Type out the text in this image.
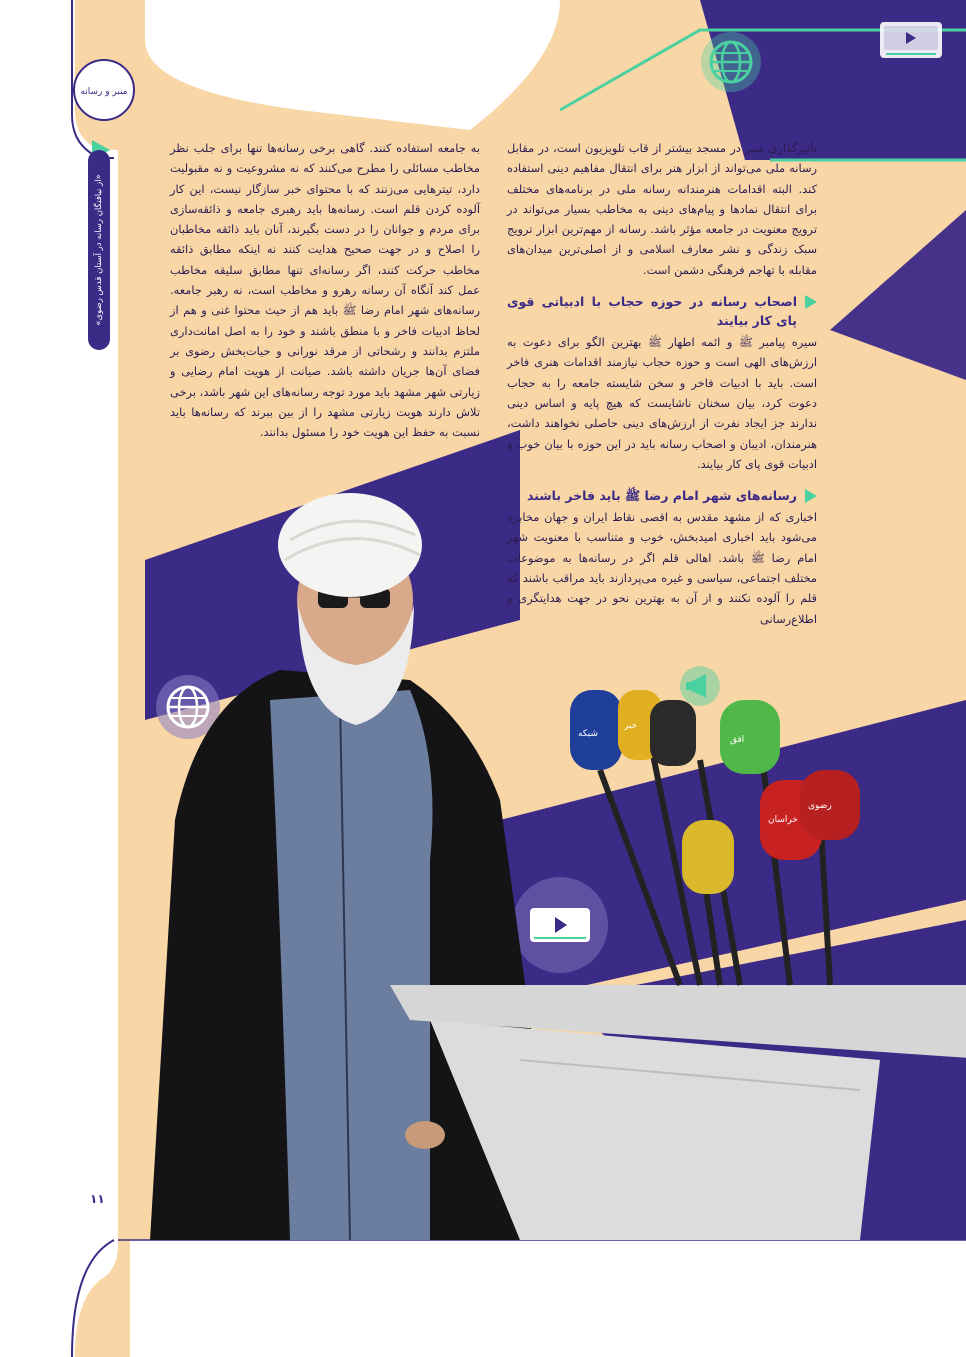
شبکه
خبر
افق
خراسان
رضوی
منبر و رسانه
«از نیافتگان رسانه در آستان قدس رضوی»

تأثیرگذاری منبر در مسجد بیشتر از قاب تلویزیون است، در مقابل رسانه ملی می‌تواند از ابزار هنر برای انتقال مفاهیم دینی استفاده کند. البته اقدامات هنرمندانه رسانه ملی در برنامه‌های مختلف برای انتقال نمادها و پیام‌های دینی به مخاطب بسیار می‌تواند در ترویج معنویت در جامعه مؤثر باشد. رسانه از مهم‌ترین ابزار ترویج سبک زندگی و نشر معارف اسلامی و از اصلی‌ترین میدان‌های مقابله با تهاجم فرهنگی دشمن است.

اصحاب رسانه در حوزه حجاب با ادبیاتی قوی پای کار بیایند

سیره پیامبر ﷺ و ائمه اطهار ﷺ بهترین الگو برای دعوت به ارزش‌های الهی است و حوزه حجاب نیازمند اقدامات هنری فاخر است. باید با ادبیات فاخر و سخن شایسته جامعه را به حجاب دعوت کرد، بیان سخنان ناشایست که هیچ پایه و اساس دینی ندارند جز ایجاد نفرت از ارزش‌های دینی حاصلی نخواهند داشت، هنرمندان، ادیبان و اصحاب رسانه باید در این حوزه با بیان خوب و ادبیات قوی پای کار بیایند.

رسانه‌های شهر امام رضا ﷺ باید فاخر باشند

اخباری که از مشهد مقدس به اقصی نقاط ایران و جهان مخابره می‌شود باید اخباری امیدبخش، خوب و متناسب با معنویت شهر امام رضا ﷺ باشد. اهالی قلم اگر در رسانه‌ها به موضوعات مختلف اجتماعی، سیاسی و غیره می‌پردازند باید مراقب باشند که قلم را آلوده نکنند و از آن به بهترین نحو در جهت هدایتگری و اطلاع‌رسانی

به جامعه استفاده کنند. گاهی برخی رسانه‌ها تنها برای جلب نظر مخاطب مسائلی را مطرح می‌کنند که نه مشروعیت و نه مقبولیت دارد، تیترهایی می‌زنند که با محتوای خبر سازگار نیست، این کار آلوده کردن قلم است. رسانه‌ها باید رهبری جامعه و ذائقه‌سازی برای مردم و جوانان را در دست بگیرند، آنان باید ذائقه مخاطبان را اصلاح و در جهت صحیح هدایت کنند نه اینکه مطابق ذائقه مخاطب حرکت کنند، اگر رسانه‌ای تنها مطابق سلیقه مخاطب عمل کند آنگاه آن رسانه رهرو و مخاطب است، نه رهبر جامعه. رسانه‌های شهر امام رضا ﷺ باید هم از حیث محتوا غنی و هم از لحاظ ادبیات فاخر و با منطق باشند و خود را به اصل امانت‌داری ملتزم بدانند و رشحاتی از مرقد نورانی و حیات‌بخش رضوی بر فضای آن‌ها جریان داشته باشد. صیانت از هویت امام رضایی و زیارتی شهر مشهد باید مورد توجه رسانه‌های این شهر باشد، برخی تلاش دارند هویت زیارتی مشهد را از بین ببرند که رسانه‌ها باید نسبت به حفظ این هویت خود را مسئول بدانند.

۱۱
